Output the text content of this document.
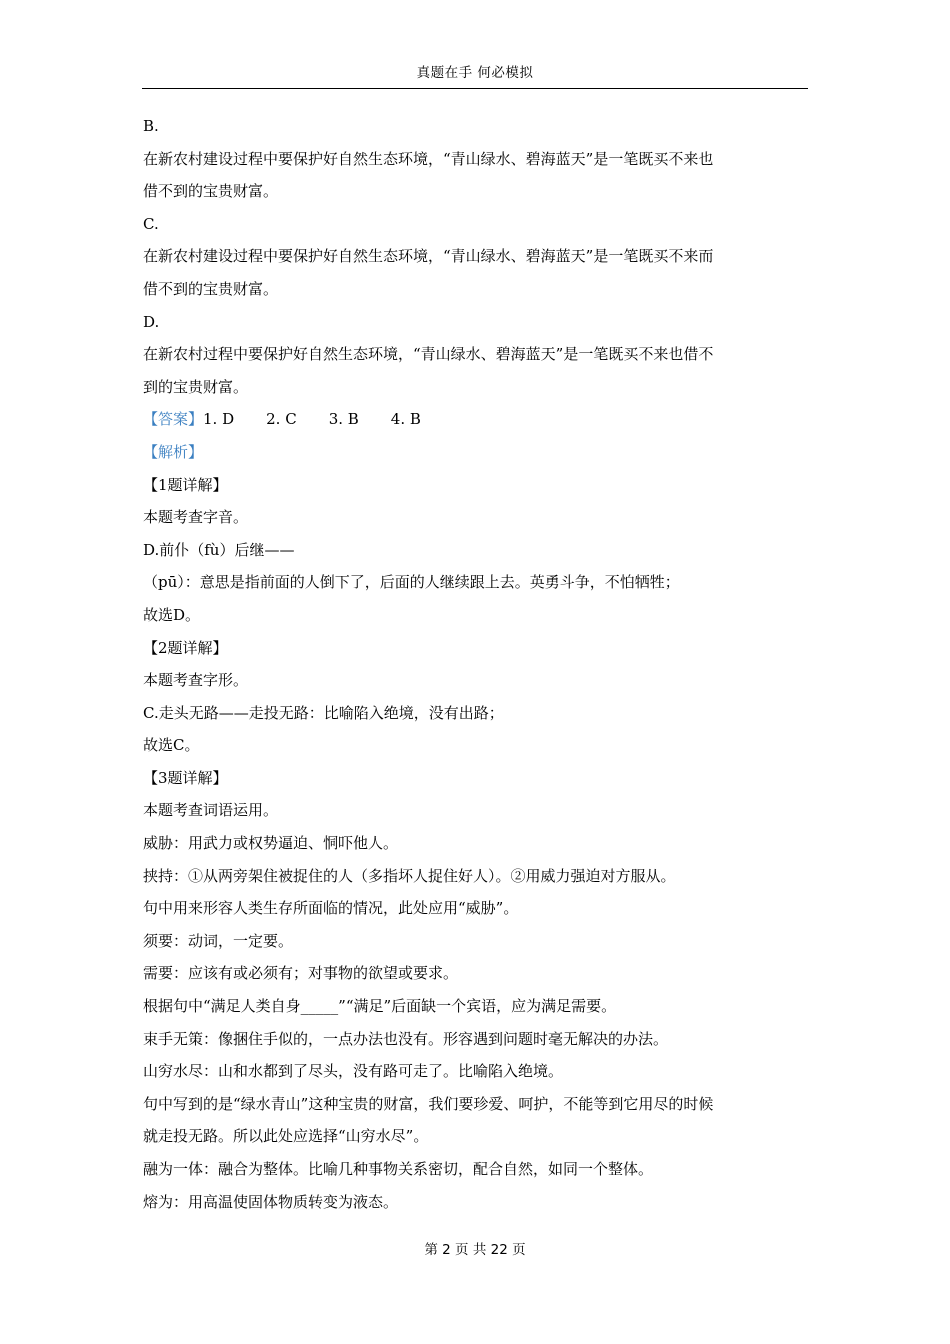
真题在手 何必模拟
B.
在新农村建设过程中要保护好自然生态环境，“青山绿水、碧海蓝天”是一笔既买不来也
借不到的宝贵财富。
C.
在新农村建设过程中要保护好自然生态环境，“青山绿水、碧海蓝天”是一笔既买不来而
借不到的宝贵财富。
D.
在新农村过程中要保护好自然生态环境，“青山绿水、碧海蓝天”是一笔既买不来也借不
到的宝贵财富。
【答案】1. D 2. C 3. B 4. B
【解析】
【1题详解】
本题考查字音。
D.前仆（fù）后继——
（pū）：意思是指前面的人倒下了，后面的人继续跟上去。英勇斗争，不怕牺牲；
故选D。
【2题详解】
本题考查字形。
C.走头无路——走投无路：比喻陷入绝境，没有出路；
故选C。
【3题详解】
本题考查词语运用。
威胁：用武力或权势逼迫、恫吓他人。
挟持：①从两旁架住被捉住的人（多指坏人捉住好人）。②用威力强迫对方服从。
句中用来形容人类生存所面临的情况，此处应用“威胁”。
须要：动词，一定要。
需要：应该有或必须有；对事物的欲望或要求。
根据句中“满足人类自身_____”“满足”后面缺一个宾语，应为满足需要。
束手无策：像捆住手似的，一点办法也没有。形容遇到问题时毫无解决的办法。
山穷水尽：山和水都到了尽头，没有路可走了。比喻陷入绝境。
句中写到的是“绿水青山”这种宝贵的财富，我们要珍爱、呵护，不能等到它用尽的时候
就走投无路。所以此处应选择“山穷水尽”。
融为一体：融合为整体。比喻几种事物关系密切，配合自然，如同一个整体。
熔为：用高温使固体物质转变为液态。
第 2 页 共 22 页
